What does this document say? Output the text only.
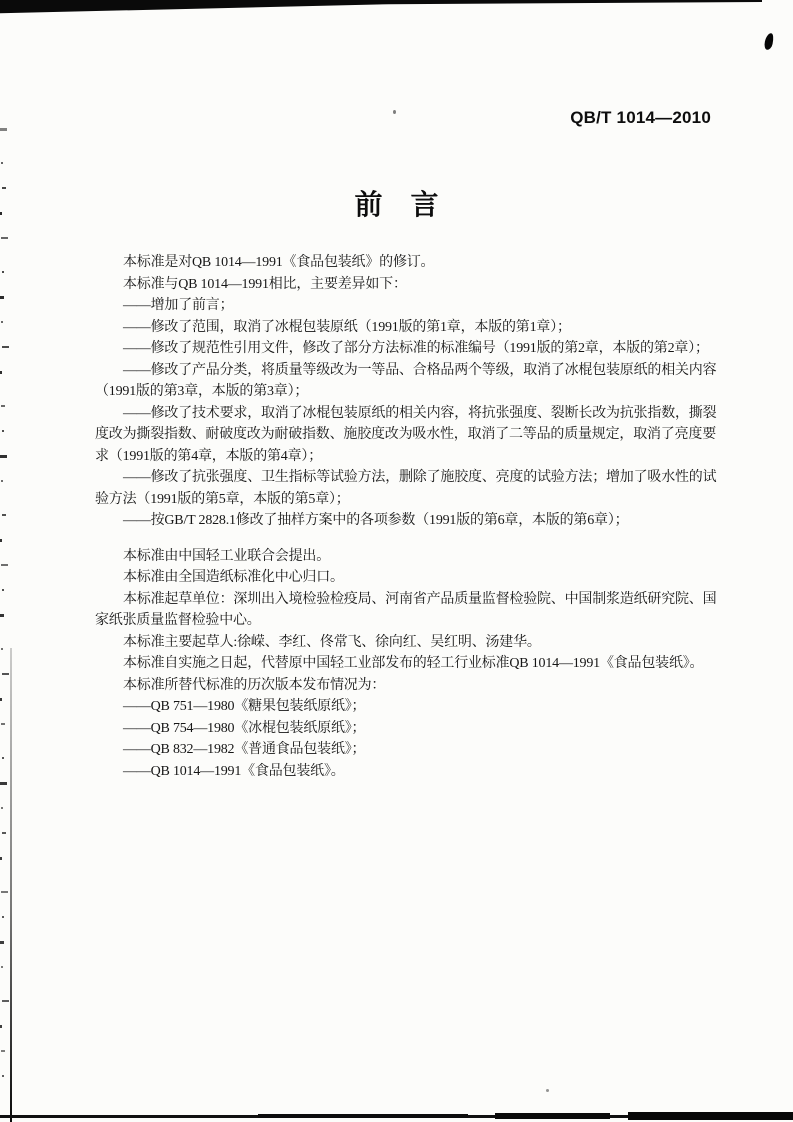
QB/T 1014—2010
前　言
本标准是对QB 1014—1991《食品包装纸》的修订。
本标准与QB 1014—1991相比，主要差异如下：
——增加了前言；
——修改了范围，取消了冰棍包装原纸（1991版的第1章，本版的第1章）；
——修改了规范性引用文件，修改了部分方法标准的标准编号（1991版的第2章，本版的第2章）；
——修改了产品分类，将质量等级改为一等品、合格品两个等级，取消了冰棍包装原纸的相关内容
（1991版的第3章，本版的第3章）；
——修改了技术要求，取消了冰棍包装原纸的相关内容，将抗张强度、裂断长改为抗张指数，撕裂
度改为撕裂指数、耐破度改为耐破指数、施胶度改为吸水性，取消了二等品的质量规定，取消了亮度要
求（1991版的第4章，本版的第4章）；
——修改了抗张强度、卫生指标等试验方法，删除了施胶度、亮度的试验方法；增加了吸水性的试
验方法（1991版的第5章，本版的第5章）；
——按GB/T 2828.1修改了抽样方案中的各项参数（1991版的第6章，本版的第6章）；
本标准由中国轻工业联合会提出。
本标准由全国造纸标准化中心归口。
本标准起草单位：深圳出入境检验检疫局、河南省产品质量监督检验院、中国制浆造纸研究院、国
家纸张质量监督检验中心。
本标准主要起草人:徐嵘、李红、佟常飞、徐向红、吴红明、汤建华。
本标准自实施之日起，代替原中国轻工业部发布的轻工行业标准QB 1014—1991《食品包装纸》。
本标准所替代标准的历次版本发布情况为：
——QB 751—1980《糖果包装纸原纸》；
——QB 754—1980《冰棍包装纸原纸》；
——QB 832—1982《普通食品包装纸》；
——QB 1014—1991《食品包装纸》。
